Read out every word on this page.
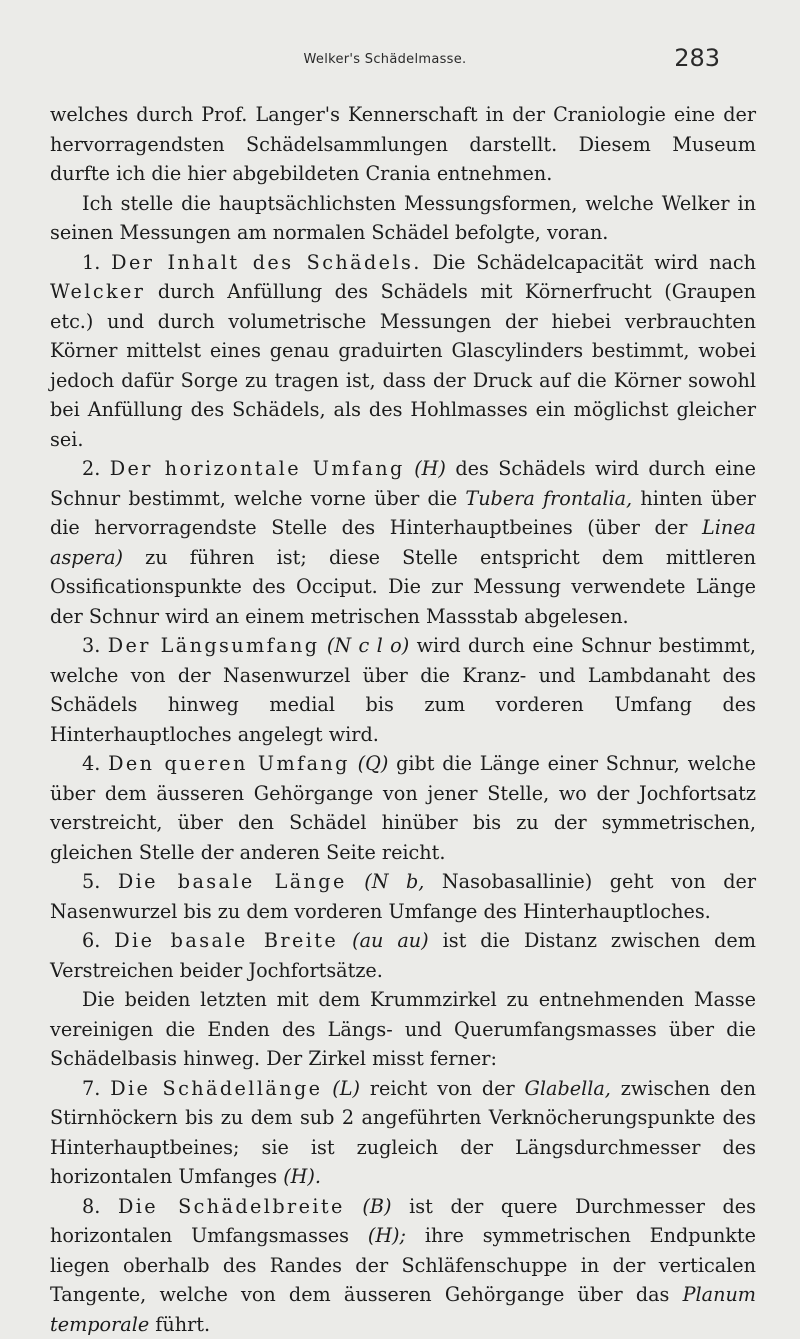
Welker's Schädelmasse.	283

welches durch Prof. Langer's Kennerschaft in der Craniologie eine der hervorragendsten Schädelsammlungen darstellt. Diesem Museum durfte ich die hier abgebildeten Crania entnehmen.

Ich stelle die hauptsächlichsten Messungsformen, welche Welker in seinen Messungen am normalen Schädel befolgte, voran.

1. Der Inhalt des Schädels. Die Schädelcapacität wird nach Welcker durch Anfüllung des Schädels mit Körnerfrucht (Graupen etc.) und durch volumetrische Messungen der hiebei verbrauchten Körner mittelst eines genau graduirten Glascylinders bestimmt, wobei jedoch dafür Sorge zu tragen ist, dass der Druck auf die Körner sowohl bei Anfüllung des Schädels, als des Hohlmasses ein möglichst gleicher sei.

2. Der horizontale Umfang (H) des Schädels wird durch eine Schnur bestimmt, welche vorne über die Tubera frontalia, hinten über die hervorragendste Stelle des Hinterhauptbeines (über der Linea aspera) zu führen ist; diese Stelle entspricht dem mittleren Ossificationspunkte des Occiput. Die zur Messung verwendete Länge der Schnur wird an einem metrischen Massstab abgelesen.

3. Der Längsumfang (N c l o) wird durch eine Schnur bestimmt, welche von der Nasenwurzel über die Kranz- und Lambdanaht des Schädels hinweg medial bis zum vorderen Umfang des Hinterhauptloches angelegt wird.

4. Den queren Umfang (Q) gibt die Länge einer Schnur, welche über dem äusseren Gehörgange von jener Stelle, wo der Jochfortsatz verstreicht, über den Schädel hinüber bis zu der symmetrischen, gleichen Stelle der anderen Seite reicht.

5. Die basale Länge (N b, Nasobasallinie) geht von der Nasenwurzel bis zu dem vorderen Umfange des Hinterhauptloches.

6. Die basale Breite (au au) ist die Distanz zwischen dem Verstreichen beider Jochfortsätze.

Die beiden letzten mit dem Krummzirkel zu entnehmenden Masse vereinigen die Enden des Längs- und Querumfangsmasses über die Schädelbasis hinweg. Der Zirkel misst ferner:

7. Die Schädellänge (L) reicht von der Glabella, zwischen den Stirnhöckern bis zu dem sub 2 angeführten Verknöcherungspunkte des Hinterhauptbeines; sie ist zugleich der Längsdurchmesser des horizontalen Umfanges (H).

8. Die Schädelbreite (B) ist der quere Durchmesser des horizontalen Umfangsmasses (H); ihre symmetrischen Endpunkte liegen oberhalb des Randes der Schläfenschuppe in der verticalen Tangente, welche von dem äusseren Gehörgange über das Planum temporale führt.
